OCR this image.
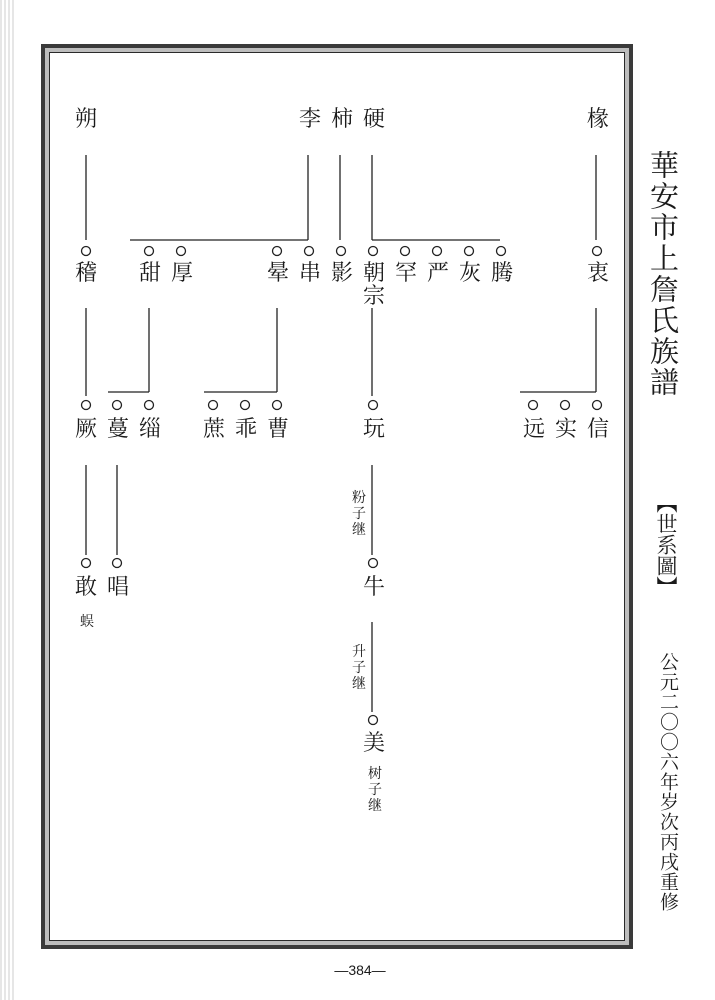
朔	李 柿 硬	椽
稽 甜 厚	晕 串 影 朝宗
罕 严 灰 腾	衷
厥 蔓 缁 蔗 乖 曹	玩	远 实 信
敢 唱	牛
美
蜈
粉子继
升子继
树子继
華安市上詹氏族譜
【世系圖】
公元二〇〇六年岁次丙戌重修
—384—
